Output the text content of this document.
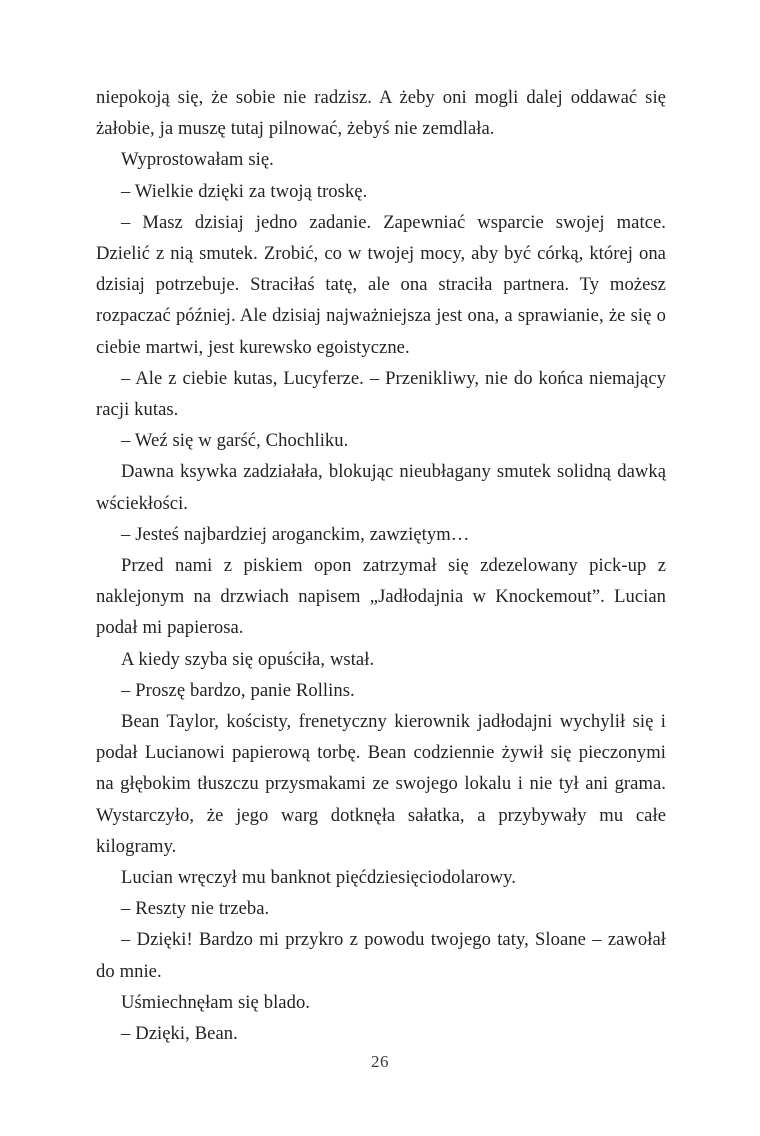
niepokoją się, że sobie nie radzisz. A żeby oni mogli dalej oddawać się żałobie, ja muszę tutaj pilnować, żebyś nie zemdlała.

Wyprostowałam się.

– Wielkie dzięki za twoją troskę.

– Masz dzisiaj jedno zadanie. Zapewniać wsparcie swojej matce. Dzielić z nią smutek. Zrobić, co w twojej mocy, aby być córką, której ona dzisiaj potrzebuje. Straciłaś tatę, ale ona straciła partnera. Ty możesz rozpaczać później. Ale dzisiaj najważniejsza jest ona, a sprawianie, że się o ciebie martwi, jest kurewsko egoistyczne.

– Ale z ciebie kutas, Lucyferze. – Przenikliwy, nie do końca niemający racji kutas.

– Weź się w garść, Chochliku.

Dawna ksywka zadziałała, blokując nieubłagany smutek solidną dawką wściekłości.

– Jesteś najbardziej aroganckim, zawziętym…

Przed nami z piskiem opon zatrzymał się zdezelowany pick-up z naklejonym na drzwiach napisem „Jadłodajnia w Knockemout”. Lucian podał mi papierosa.

A kiedy szyba się opuściła, wstał.

– Proszę bardzo, panie Rollins.

Bean Taylor, kościsty, frenetyczny kierownik jadłodajni wychylił się i podał Lucianowi papierową torbę. Bean codziennie żywił się pieczonymi na głębokim tłuszczu przysmakami ze swojego lokalu i nie tył ani grama. Wystarczyło, że jego warg dotknęła sałatka, a przybywały mu całe kilogramy.

Lucian wręczył mu banknot pięćdziesięciodolarowy.

– Reszty nie trzeba.

– Dzięki! Bardzo mi przykro z powodu twojego taty, Sloane – zawołał do mnie.

Uśmiechnęłam się blado.

– Dzięki, Bean.

26
